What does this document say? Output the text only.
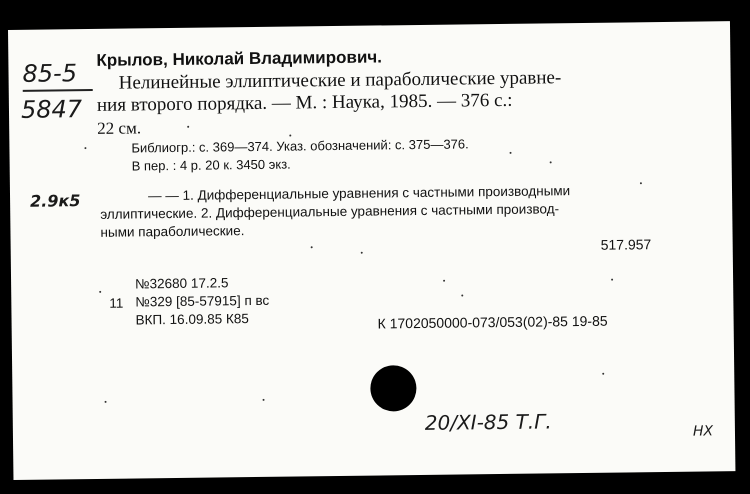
85-5
5847
Крылов, Николай Владимирович.
Нелинейные эллиптические и параболические уравне-
ния второго порядка. — М. : Наука, 1985. — 376 с.:
22 см.
Библиогр.: с. 369—374. Указ. обозначений: с. 375—376.
В пер. : 4 р. 20 к. 3450 экз.
2.9к5	— — 1. Дифференциальные уравнения с частными производными
эллиптические. 2. Дифференциальные уравнения с частными производ-
ными параболические.
517.957
№32680 17.2.5
11 №329 [85-57915] п вс
ВКП. 16.09.85 К85	К 1702050000-073/053(02)-85 19-85
20/XI-85 Т.Г.	НХ
